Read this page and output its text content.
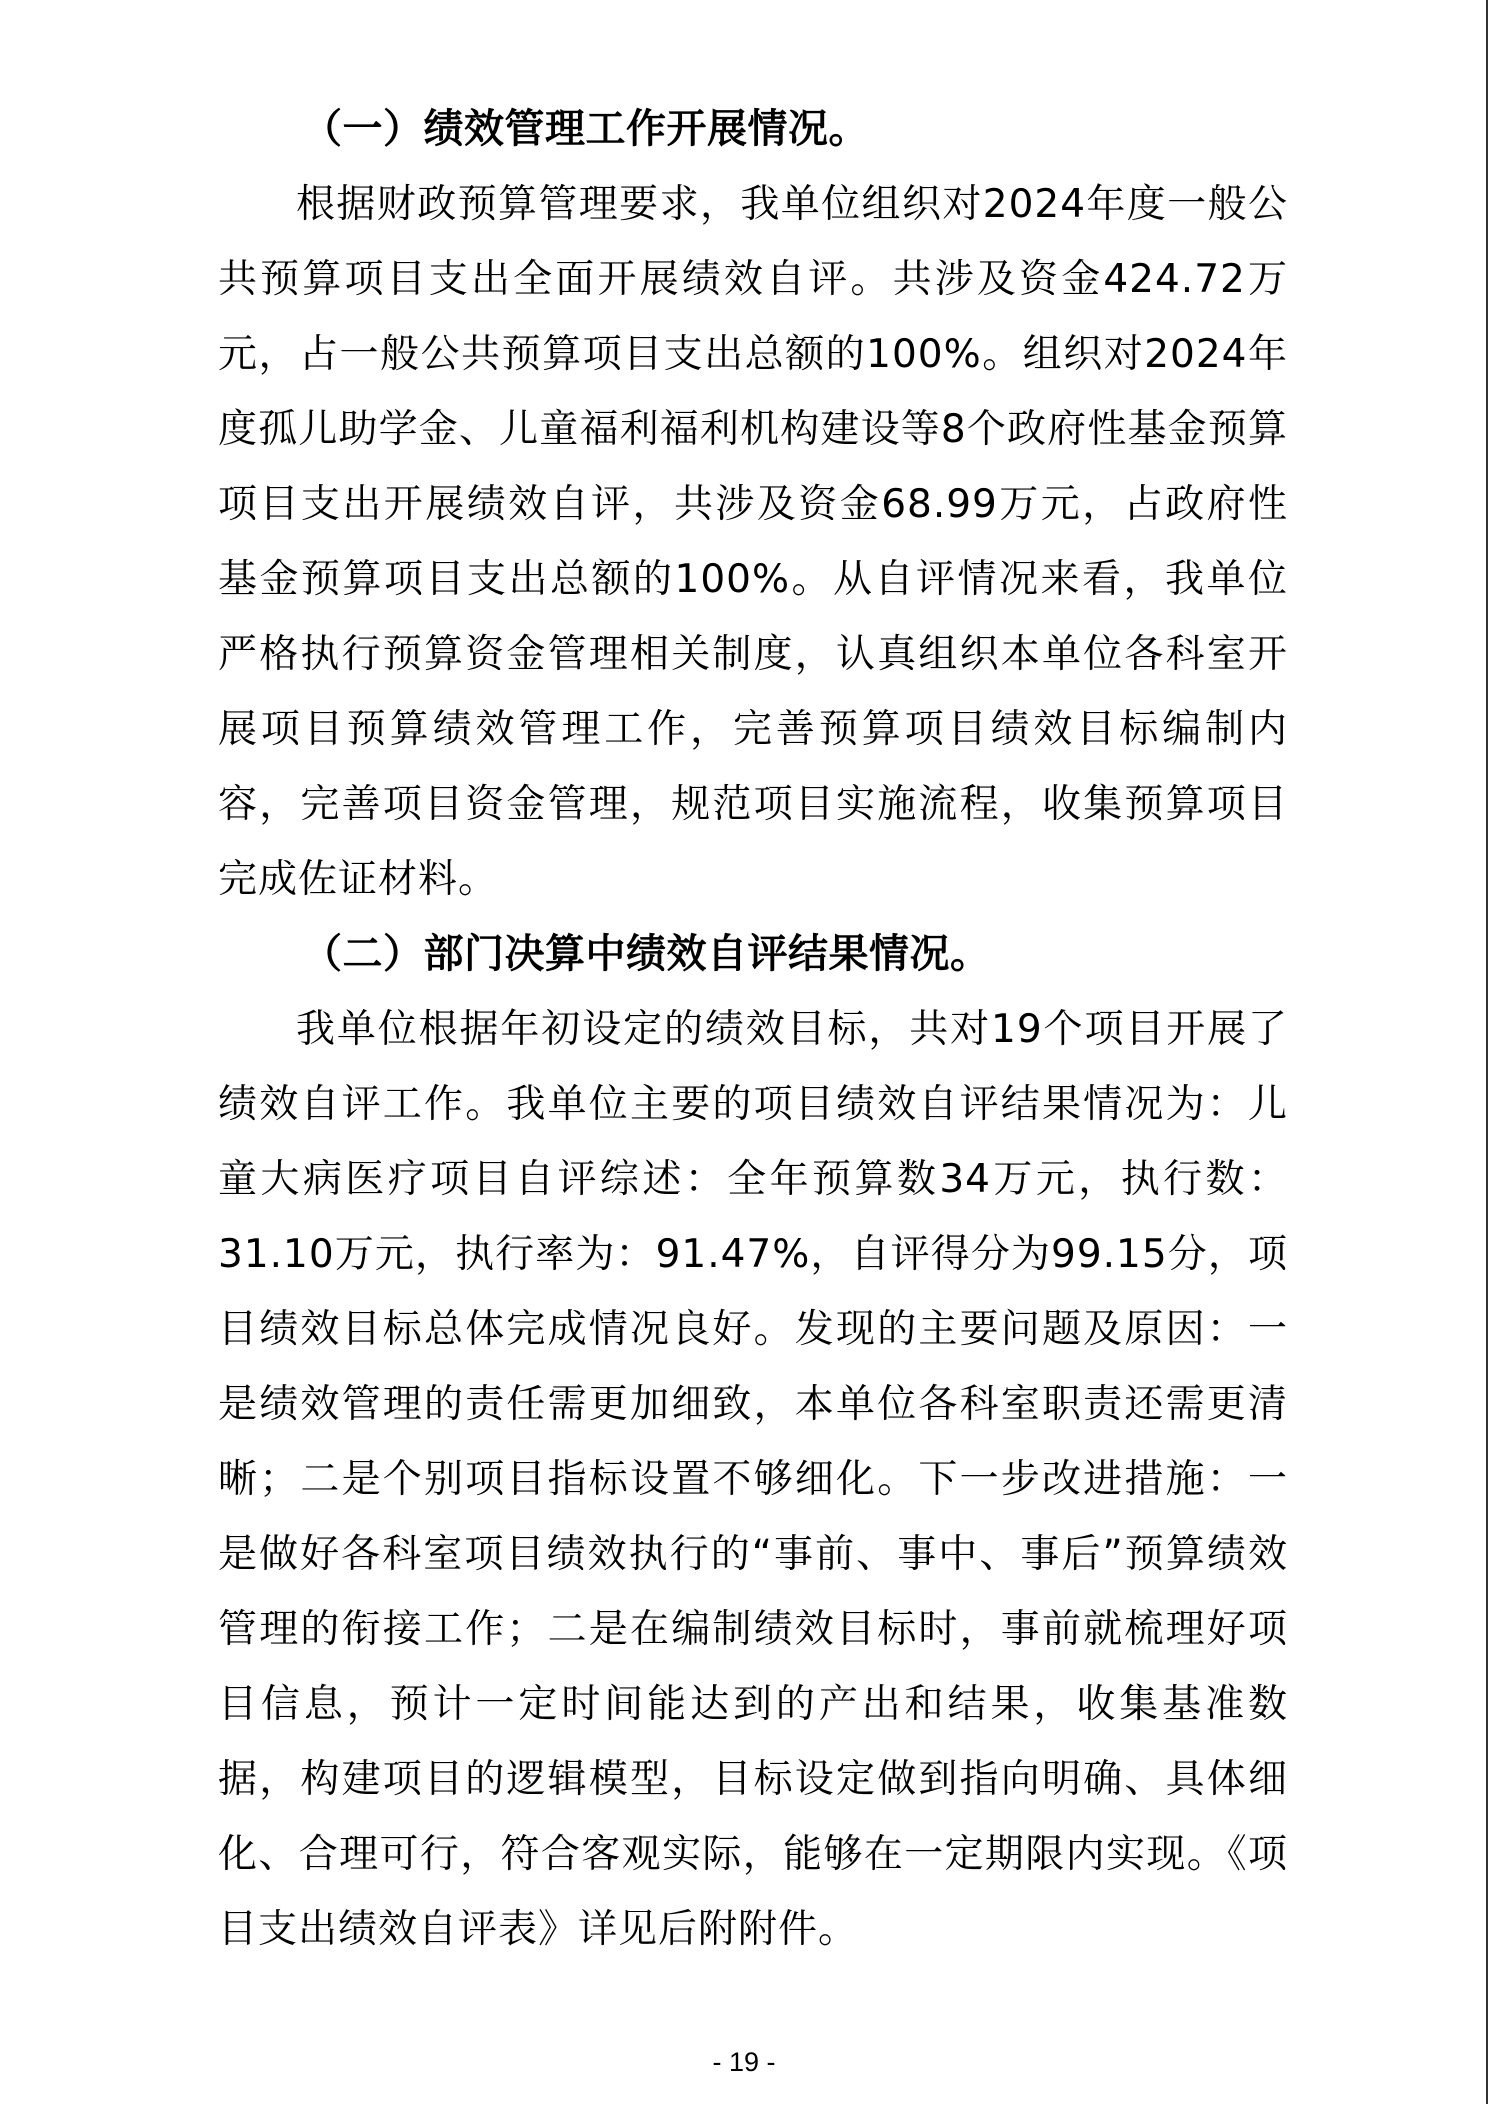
（一）绩效管理工作开展情况。

根据财政预算管理要求，我单位组织对2024年度一般公共预算项目支出全面开展绩效自评。共涉及资金424.72万元，占一般公共预算项目支出总额的100%。组织对2024年度孤儿助学金、儿童福利福利机构建设等8个政府性基金预算项目支出开展绩效自评，共涉及资金68.99万元，占政府性基金预算项目支出总额的100%。从自评情况来看，我单位严格执行预算资金管理相关制度，认真组织本单位各科室开展项目预算绩效管理工作，完善预算项目绩效目标编制内容，完善项目资金管理，规范项目实施流程，收集预算项目完成佐证材料。

（二）部门决算中绩效自评结果情况。

我单位根据年初设定的绩效目标，共对19个项目开展了绩效自评工作。我单位主要的项目绩效自评结果情况为：儿童大病医疗项目自评综述：全年预算数34万元，执行数：31.10万元，执行率为：91.47%，自评得分为99.15分，项目绩效目标总体完成情况良好。发现的主要问题及原因：一是绩效管理的责任需更加细致，本单位各科室职责还需更清晰；二是个别项目指标设置不够细化。下一步改进措施：一是做好各科室项目绩效执行的“事前、事中、事后”预算绩效管理的衔接工作；二是在编制绩效目标时，事前就梳理好项目信息，预计一定时间能达到的产出和结果，收集基准数据，构建项目的逻辑模型，目标设定做到指向明确、具体细化、合理可行，符合客观实际，能够在一定期限内实现。《项目支出绩效自评表》详见后附附件。

- 19 -
